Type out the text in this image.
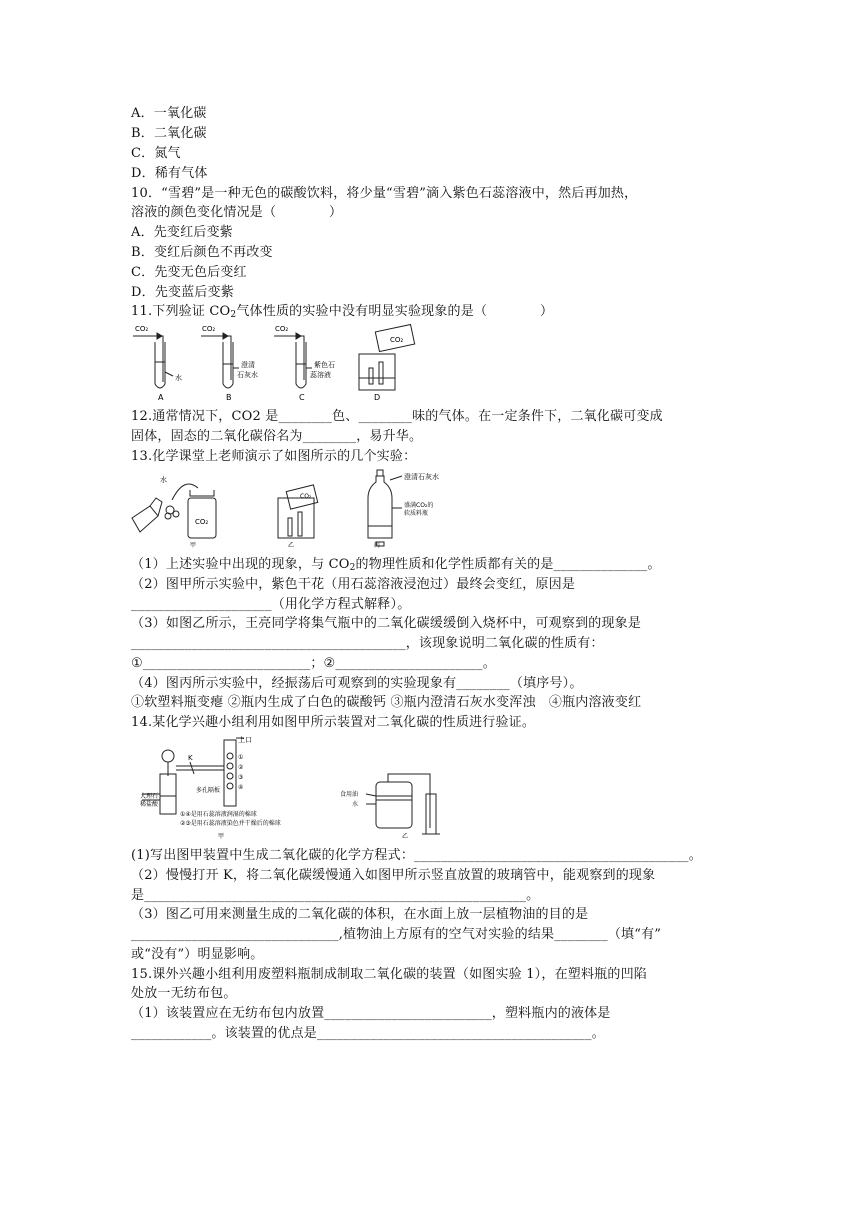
A．一氧化碳
B．二氧化碳
C．氮气
D．稀有气体
10．“雪碧”是一种无色的碳酸饮料，将少量“雪碧”滴入紫色石蕊溶液中，然后再加热，
溶液的颜色变化情况是（　　　　）
A．先变红后变紫
B．变红后颜色不再改变
C．先变无色后变红
D．先变蓝后变紫
11.下列验证 $CO_2$气体性质的实验中没有明显实验现象的是（　　　　）
CO₂	CO₂	CO₂
CO₂
水
澄清
石灰水
紫色石
蕊溶液
A	B	C	D
12.通常情况下，CO2 是________色、________味的气体。在一定条件下，二氧化碳可变成
固体，固态的二氧化碳俗名为________，易升华。
13.化学课堂上老师演示了如图所示的几个实验：
水
CO₂
CO₂
澄清石灰水
盛满CO₂的
软质料瓶
甲	乙	丙
（1）上述实验中出现的现象，与 $CO_2$的物理性质和化学性质都有关的是______________。
（2）图甲所示实验中，紫色干花（用石蕊溶液浸泡过）最终会变红，原因是
_____________________（用化学方程式解释）。
（3）如图乙所示，王亮同学将集气瓶中的二氧化碳缓缓倒入烧杯中，可观察到的现象是
_________________________________________，该现象说明二氧化碳的性质有：
①_________________________；②______________________。
（4）图丙所示实验中，经振荡后可观察到的实验现象有________（填序号）。
①软塑料瓶变瘪 ②瓶内生成了白色的碳酸钙 ③瓶内澄清石灰水变浑浊　④瓶内溶液变红
14.某化学兴趣小组利用如图甲所示装置对二氧化碳的性质进行验证。
上口
K
多孔隔板
大理石
稀盐酸
①
②
③
④
①④是用石蕊溶液润湿的棉球
②③是用石蕊溶液染色并干燥后的棉球
食用油
水
甲	乙
(1)写出图甲装置中生成二氧化碳的化学方程式：_________________________________________。
（2）慢慢打开 K，将二氧化碳缓慢通入如图甲所示竖直放置的玻璃管中，能观察到的现象
是_________________________________________________________。
（3）图乙可用来测量生成的二氧化碳的体积，在水面上放一层植物油的目的是
_______________________________,植物油上方原有的空气对实验的结果________（填“有”
或“没有”）明显影响。
15.课外兴趣小组利用废塑料瓶制成制取二氧化碳的装置（如图实验 1），在塑料瓶的凹陷
处放一无纺布包。
（1）该装置应在无纺布包内放置_________________________，塑料瓶内的液体是
____________。该装置的优点是_________________________________________。
